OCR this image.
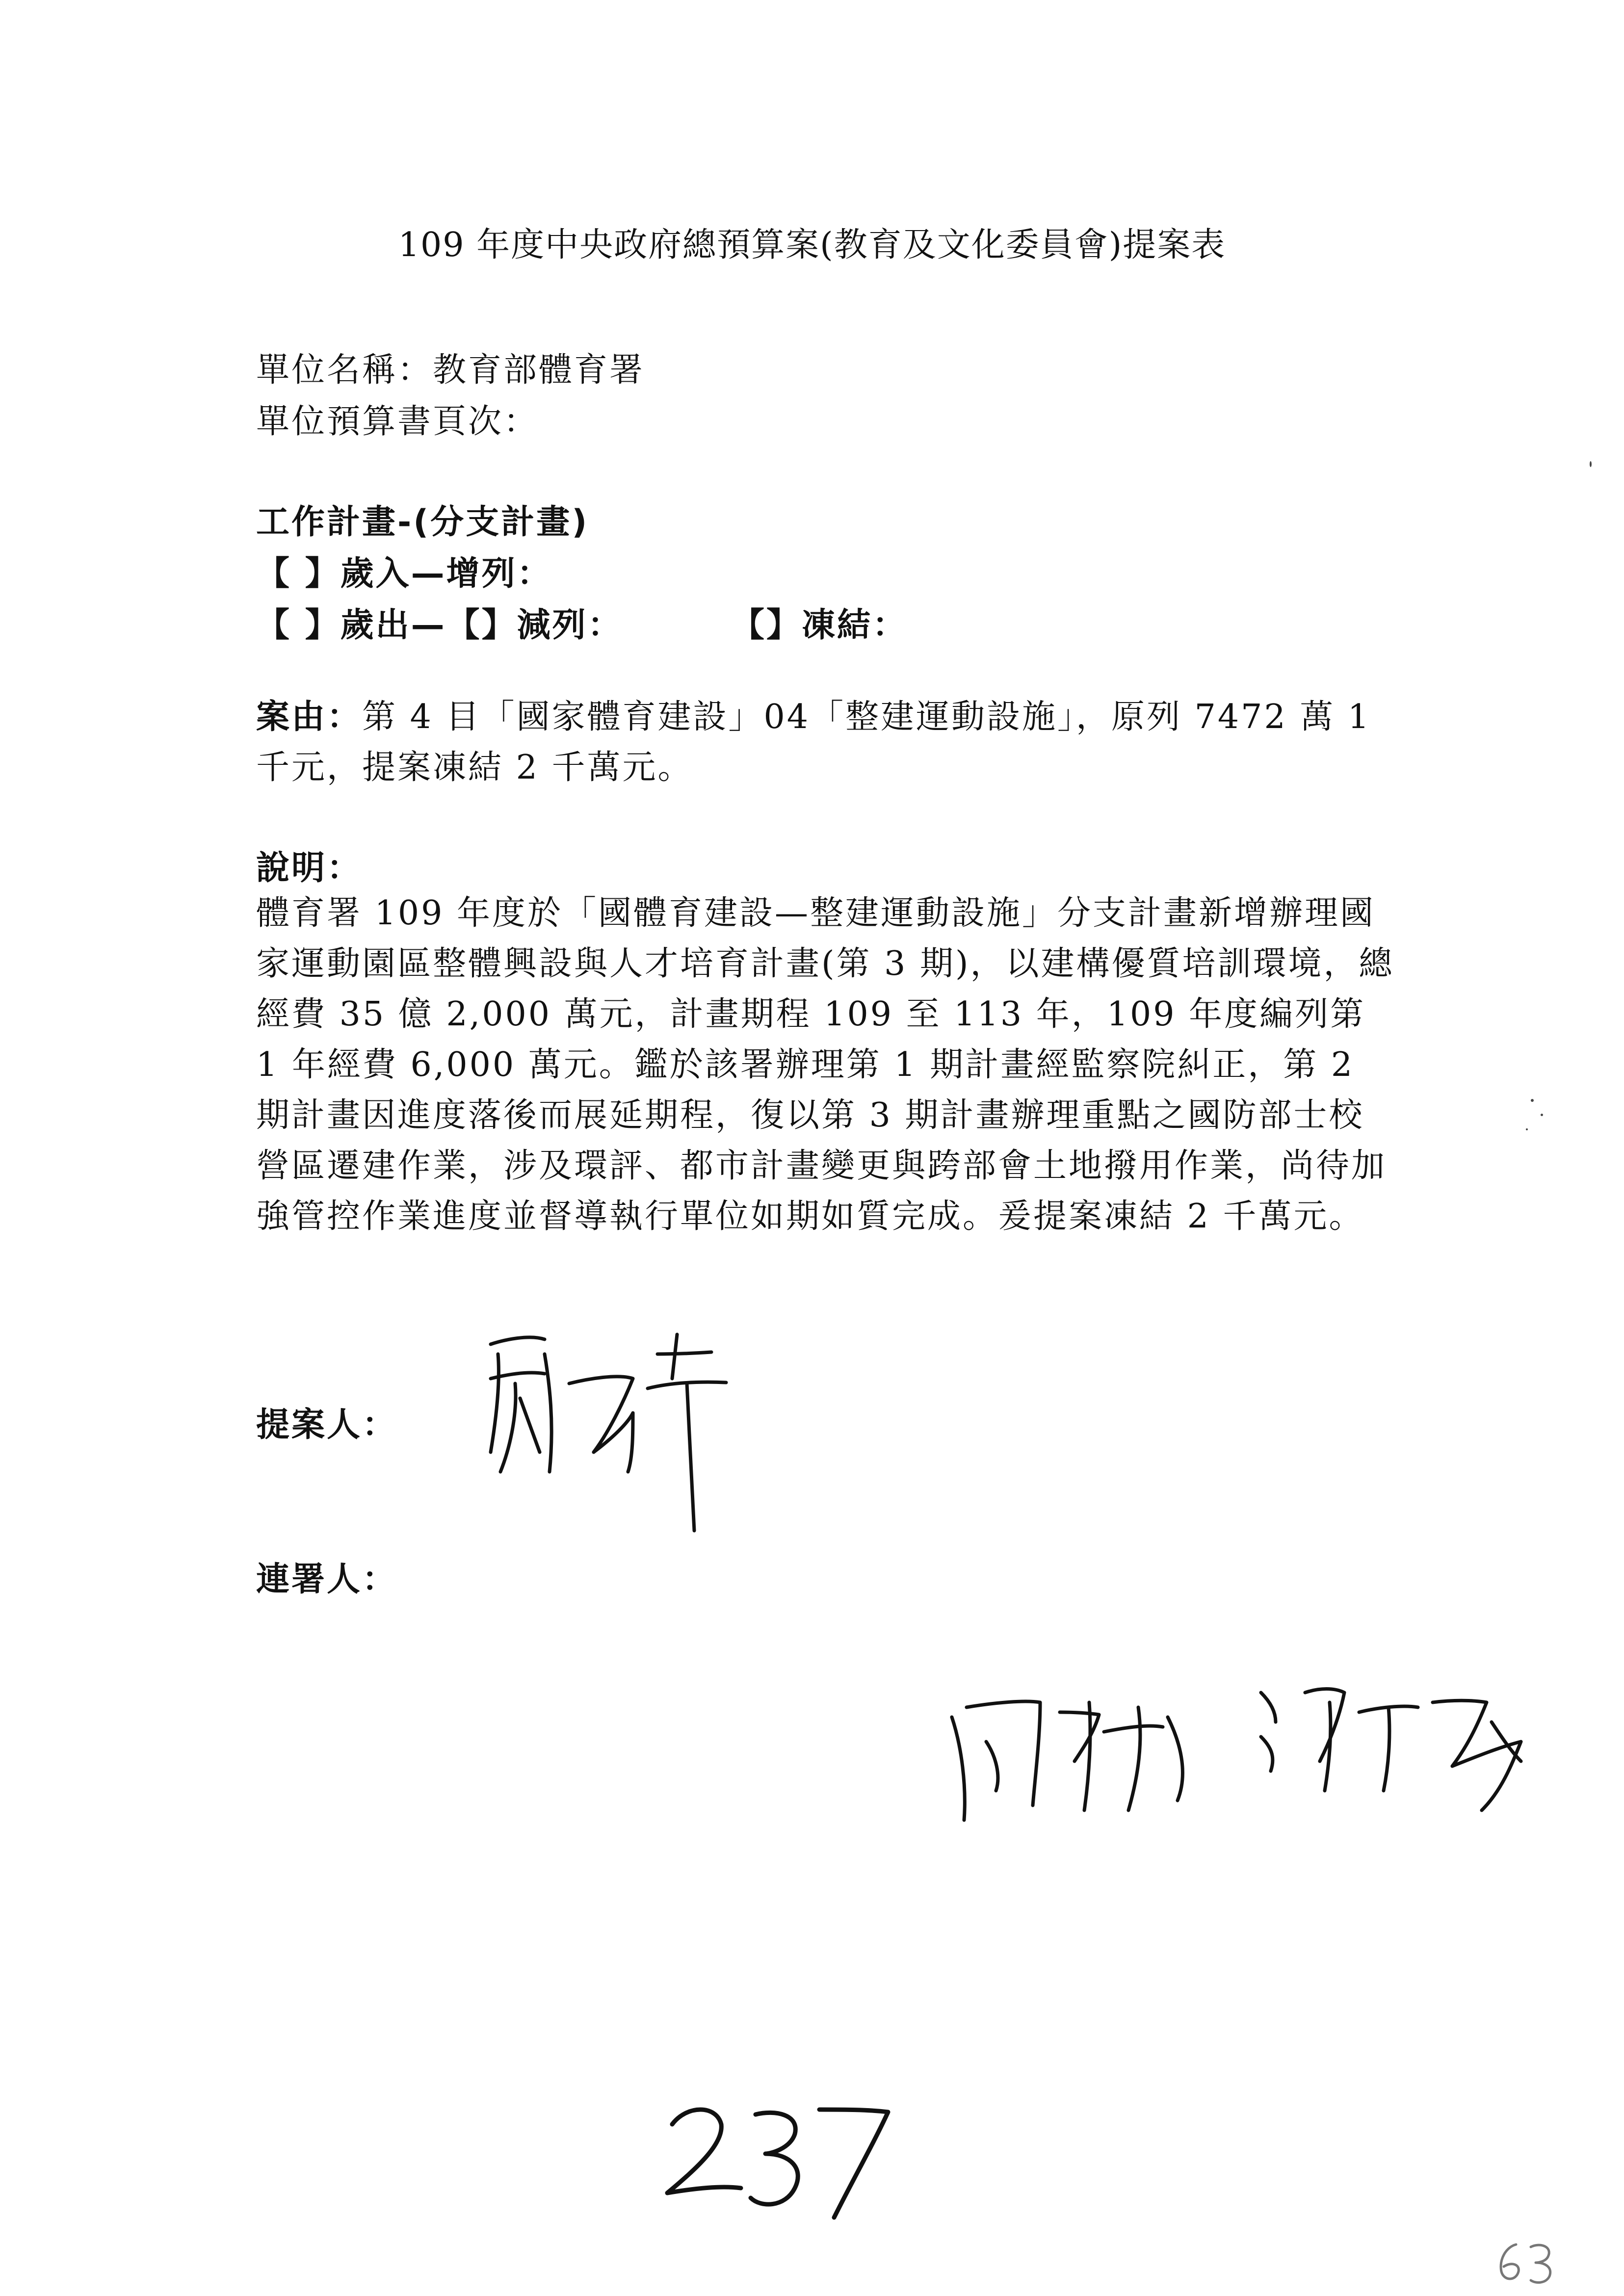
109 年度中央政府總預算案(教育及文化委員會)提案表
單位名稱：教育部體育署
單位預算書頁次：
工作計畫-(分支計畫)
【 】歲入—增列：
【 】歲出—【】減列：	【】凍結：
案由：第 4 目「國家體育建設」04「整建運動設施」，原列 7472 萬 1 千元，提案凍結 2 千萬元。
說明：
體育署 109 年度於「國體育建設—整建運動設施」分支計畫新增辦理國家運動園區整體興設與人才培育計畫(第 3 期)，以建構優質培訓環境，總經費 35 億 2,000 萬元，計畫期程 109 至 113 年，109 年度編列第 1 年經費 6,000 萬元。鑑於該署辦理第 1 期計畫經監察院糾正，第 2 期計畫因進度落後而展延期程，復以第 3 期計畫辦理重點之國防部士校營區遷建作業，涉及環評、都市計畫變更與跨部會土地撥用作業，尚待加強管控作業進度並督導執行單位如期如質完成。爰提案凍結 2 千萬元。
提案人：
連署人：
